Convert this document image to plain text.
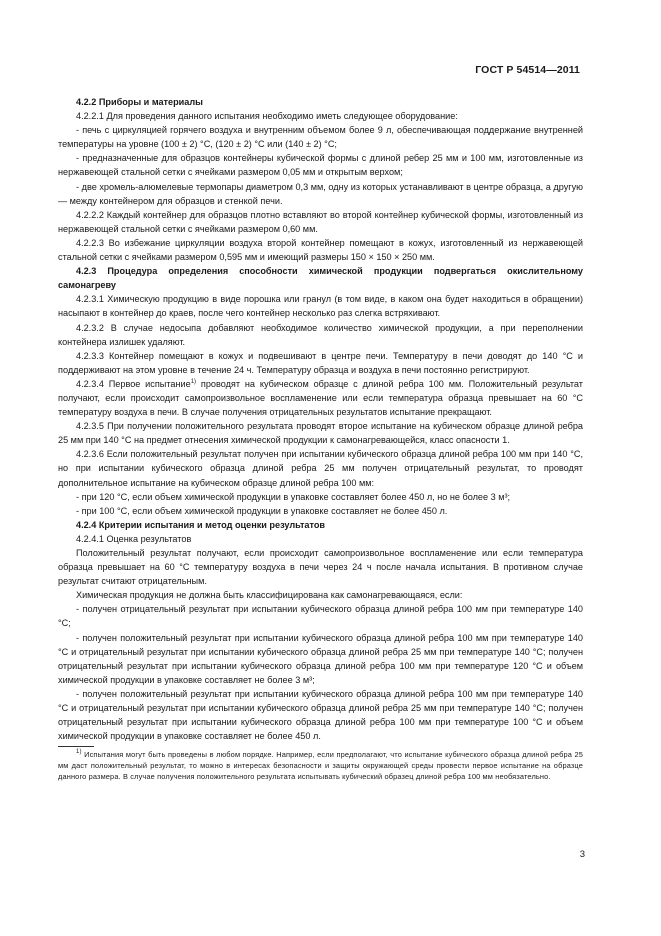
ГОСТ Р 54514—2011

4.2.2 Приборы и материалы

4.2.2.1 Для проведения данного испытания необходимо иметь следующее оборудование:

- печь с циркуляцией горячего воздуха и внутренним объемом более 9 л, обеспечивающая поддержание внутренней температуры на уровне (100 ± 2) °С, (120 ± 2) °С или (140 ± 2) °С;

- предназначенные для образцов контейнеры кубической формы с длиной ребер 25 мм и 100 мм, изготовленные из нержавеющей стальной сетки с ячейками размером 0,05 мм и открытым верхом;

- две хромель-алюмелевые термопары диаметром 0,3 мм, одну из которых устанавливают в центре образца, а другую — между контейнером для образцов и стенкой печи.

4.2.2.2 Каждый контейнер для образцов плотно вставляют во второй контейнер кубической формы, изготовленный из нержавеющей стальной сетки с ячейками размером 0,60 мм.

4.2.2.3 Во избежание циркуляции воздуха второй контейнер помещают в кожух, изготовленный из нержавеющей стальной сетки с ячейками размером 0,595 мм и имеющий размеры 150 × 150 × 250 мм.

4.2.3 Процедура определения способности химической продукции подвергаться окислительному самонагреву

4.2.3.1 Химическую продукцию в виде порошка или гранул (в том виде, в каком она будет находиться в обращении) насыпают в контейнер до краев, после чего контейнер несколько раз слегка встряхивают.

4.2.3.2 В случае недосыпа добавляют необходимое количество химической продукции, а при переполнении контейнера излишек удаляют.

4.2.3.3 Контейнер помещают в кожух и подвешивают в центре печи. Температуру в печи доводят до 140 °С и поддерживают на этом уровне в течение 24 ч. Температуру образца и воздуха в печи постоянно регистрируют.

4.2.3.4 Первое испытание$^{1)}$ проводят на кубическом образце с длиной ребра 100 мм. Положительный результат получают, если происходит самопроизвольное воспламенение или если температура образца превышает на 60 °С температуру воздуха в печи. В случае получения отрицательных результатов испытание прекращают.

4.2.3.5 При получении положительного результата проводят второе испытание на кубическом образце длиной ребра 25 мм при 140 °С на предмет отнесения химической продукции к самонагревающейся, класс опасности 1.

4.2.3.6 Если положительный результат получен при испытании кубического образца длиной ребра 100 мм при 140 °С, но при испытании кубического образца длиной ребра 25 мм получен отрицательный результат, то проводят дополнительное испытание на кубическом образце длиной ребра 100 мм:

- при 120 °С, если объем химической продукции в упаковке составляет более 450 л, но не более 3 м³;

- при 100 °С, если объем химической продукции в упаковке составляет не более 450 л.

4.2.4 Критерии испытания и метод оценки результатов

4.2.4.1 Оценка результатов

Положительный результат получают, если происходит самопроизвольное воспламенение или если температура образца превышает на 60 °С температуру воздуха в печи через 24 ч после начала испытания. В противном случае результат считают отрицательным.

Химическая продукция не должна быть классифицирована как самонагревающаяся, если:

- получен отрицательный результат при испытании кубического образца длиной ребра 100 мм при температуре 140 °С;

- получен положительный результат при испытании кубического образца длиной ребра 100 мм при температуре 140 °С и отрицательный результат при испытании кубического образца длиной ребра 25 мм при температуре 140 °С; получен отрицательный результат при испытании кубического образца длиной ребра 100 мм при температуре 120 °С и объем химической продукции в упаковке составляет не более 3 м³;

- получен положительный результат при испытании кубического образца длиной ребра 100 мм при температуре 140 °С и отрицательный результат при испытании кубического образца длиной ребра 25 мм при температуре 140 °С; получен отрицательный результат при испытании кубического образца длиной ребра 100 мм при температуре 100 °С и объем химической продукции в упаковке составляет не более 450 л.

$^{1)}$ Испытания могут быть проведены в любом порядке. Например, если предполагают, что испытание кубического образца длиной ребра 25 мм даст положительный результат, то можно в интересах безопасности и защиты окружающей среды провести первое испытание на образце данного размера. В случае получения положительного результата испытывать кубический образец длиной ребра 100 мм необязательно.

3
